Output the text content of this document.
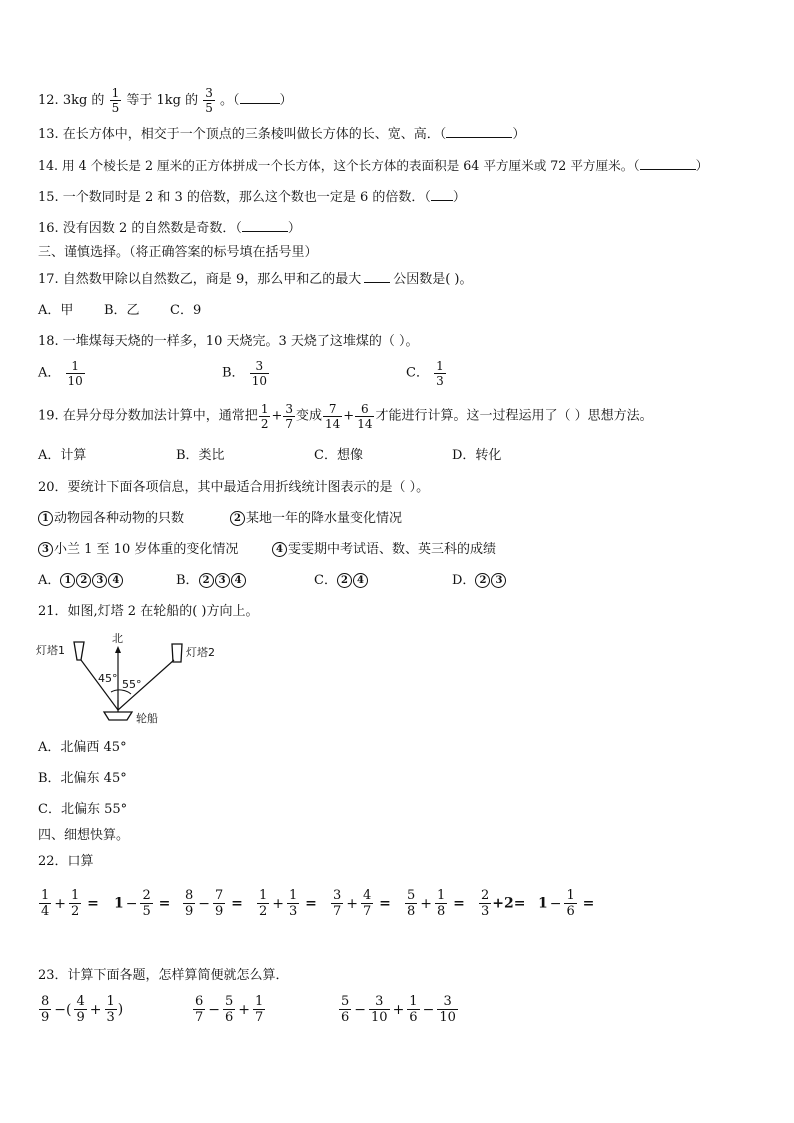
12. 3kg 的 $\frac{1}{5}$ 等于 1kg 的 $\frac{3}{5}$ 。（	）
13. 在长方体中，相交于一个顶点的三条棱叫做长方体的长、宽、高．（	）
14. 用 4 个棱长是 2 厘米的正方体拼成一个长方体，这个长方体的表面积是 64 平方厘米或 72 平方厘米。（	）
15. 一个数同时是 2 和 3 的倍数，那么这个数也一定是 6 的倍数．（ ）
16. 没有因数 2 的自然数是奇数．（	）
三、谨慎选择。（将正确答案的标号填在括号里）
17. 自然数甲除以自然数乙，商是 9，那么甲和乙的最大 公因数是( )。
A．甲 B．乙 C．9
18. 一堆煤每天烧的一样多，10 天烧完。3 天烧了这堆煤的（ ）。
A． $\frac{1}{10}$	B． $\frac{3}{10}$	C． $\frac{1}{3}$
19. 在异分母分数加法计算中，通常把 $\frac{1}{2} + \frac{3}{7}$ 变成 $\frac{7}{14} + \frac{6}{14}$ 才能进行计算。这一过程运用了（ ）思想方法。
A．计算	B．类比	C．想像	D．转化
20．要统计下面各项信息，其中最适合用折线统计图表示的是（ ）。
1 动物园各种动物的只数	2 某地一年的降水量变化情况
3 小兰 1 至 10 岁体重的变化情况	4 雯雯期中考试语、数、英三科的成绩
A． 1 2 3 4	B． 2 3 4	C． 2 4	D． 2 3
21．如图,灯塔 2 在轮船的( )方向上。
灯塔1
北
灯塔2
45° 55°
轮船
A．北偏西 45°
B．北偏东 45°
C．北偏东 55°
四、细想快算。
22．口算
$\frac{1}{4} + \frac{1}{2} = 1 - \frac{2}{5} = \frac{8}{9} - \frac{7}{9} = \frac{1}{2} + \frac{1}{3} = \frac{3}{7} + \frac{4}{7} = \frac{5}{8} + \frac{1}{8} = \frac{2}{3} +2= 1 - \frac{1}{6}$ =
23．计算下面各题，怎样算简便就怎么算．
$\frac{8}{9}$ −( $\frac{4}{9} + \frac{1}{3}$ )	$\frac{6}{7} - \frac{5}{6} + \frac{1}{7}$	$\frac{5}{6} - \frac{3}{10} + \frac{1}{6} - \frac{3}{10}$
